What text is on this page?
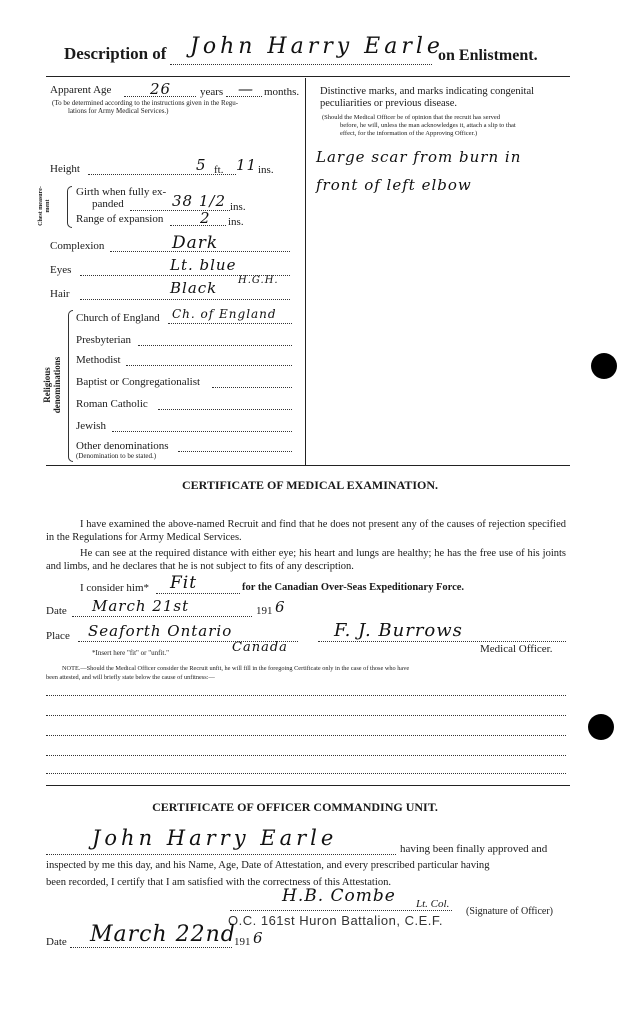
Description of John Harry Earle
on Enlistment.
Apparent Age	26	years — months.
(To be determined according to the instructions given in the Regu-
lations for Army Medical Services.)
Height	5 ft. 11 ins.
Chest measure-ment
Girth when fully ex-
panded	38 1/2 ins.
Range of expansion 2 ins.
Complexion	Dark
Eyes	Lt. blue
Hair	Black H.G.H.
Religious denominations
Church of England Ch. of England
Presbyterian
Methodist
Baptist or Congregationalist
Roman Catholic
Jewish
Other denominations
(Denomination to be stated.)
Distinctive marks, and marks indicating congenital
peculiarities or previous disease.
(Should the Medical Officer be of opinion that the recruit has served
before, he will, unless the man acknowledges it, attach a slip to that
effect, for the information of the Approving Officer.)
Large scar from burn in
front of left elbow
CERTIFICATE OF MEDICAL EXAMINATION.
I have examined the above-named Recruit and find that he does not present any of the causes of rejection specified in the Regulations for Army Medical Services.
He can see at the required distance with either eye; his heart and lungs are healthy; he has the free use of his joints and limbs, and he declares that he is not subject to fits of any description.
I consider him* Fit	for the Canadian Over-Seas Expeditionary Force.
Date March 21st	191 6
Place Seaforth Ontario
Canada
F. J. Burrows
Medical Officer.
*Insert here "fit" or "unfit."
NOTE.—Should the Medical Officer consider the Recruit unfit, he will fill in the foregoing Certificate only in the case of those who have
been attested, and will briefly state below the cause of unfitness:—
CERTIFICATE OF OFFICER COMMANDING UNIT.
John Harry Earle	having been finally approved and
inspected by me this day, and his Name, Age, Date of Attestation, and every prescribed particular having
been recorded, I certify that I am satisfied with the correctness of this Attestation.
H.B. Combe Lt. Col.
O.C. 161st Huron Battalion, C.E.F.
(Signature of Officer)
Date March 22nd
191 6
